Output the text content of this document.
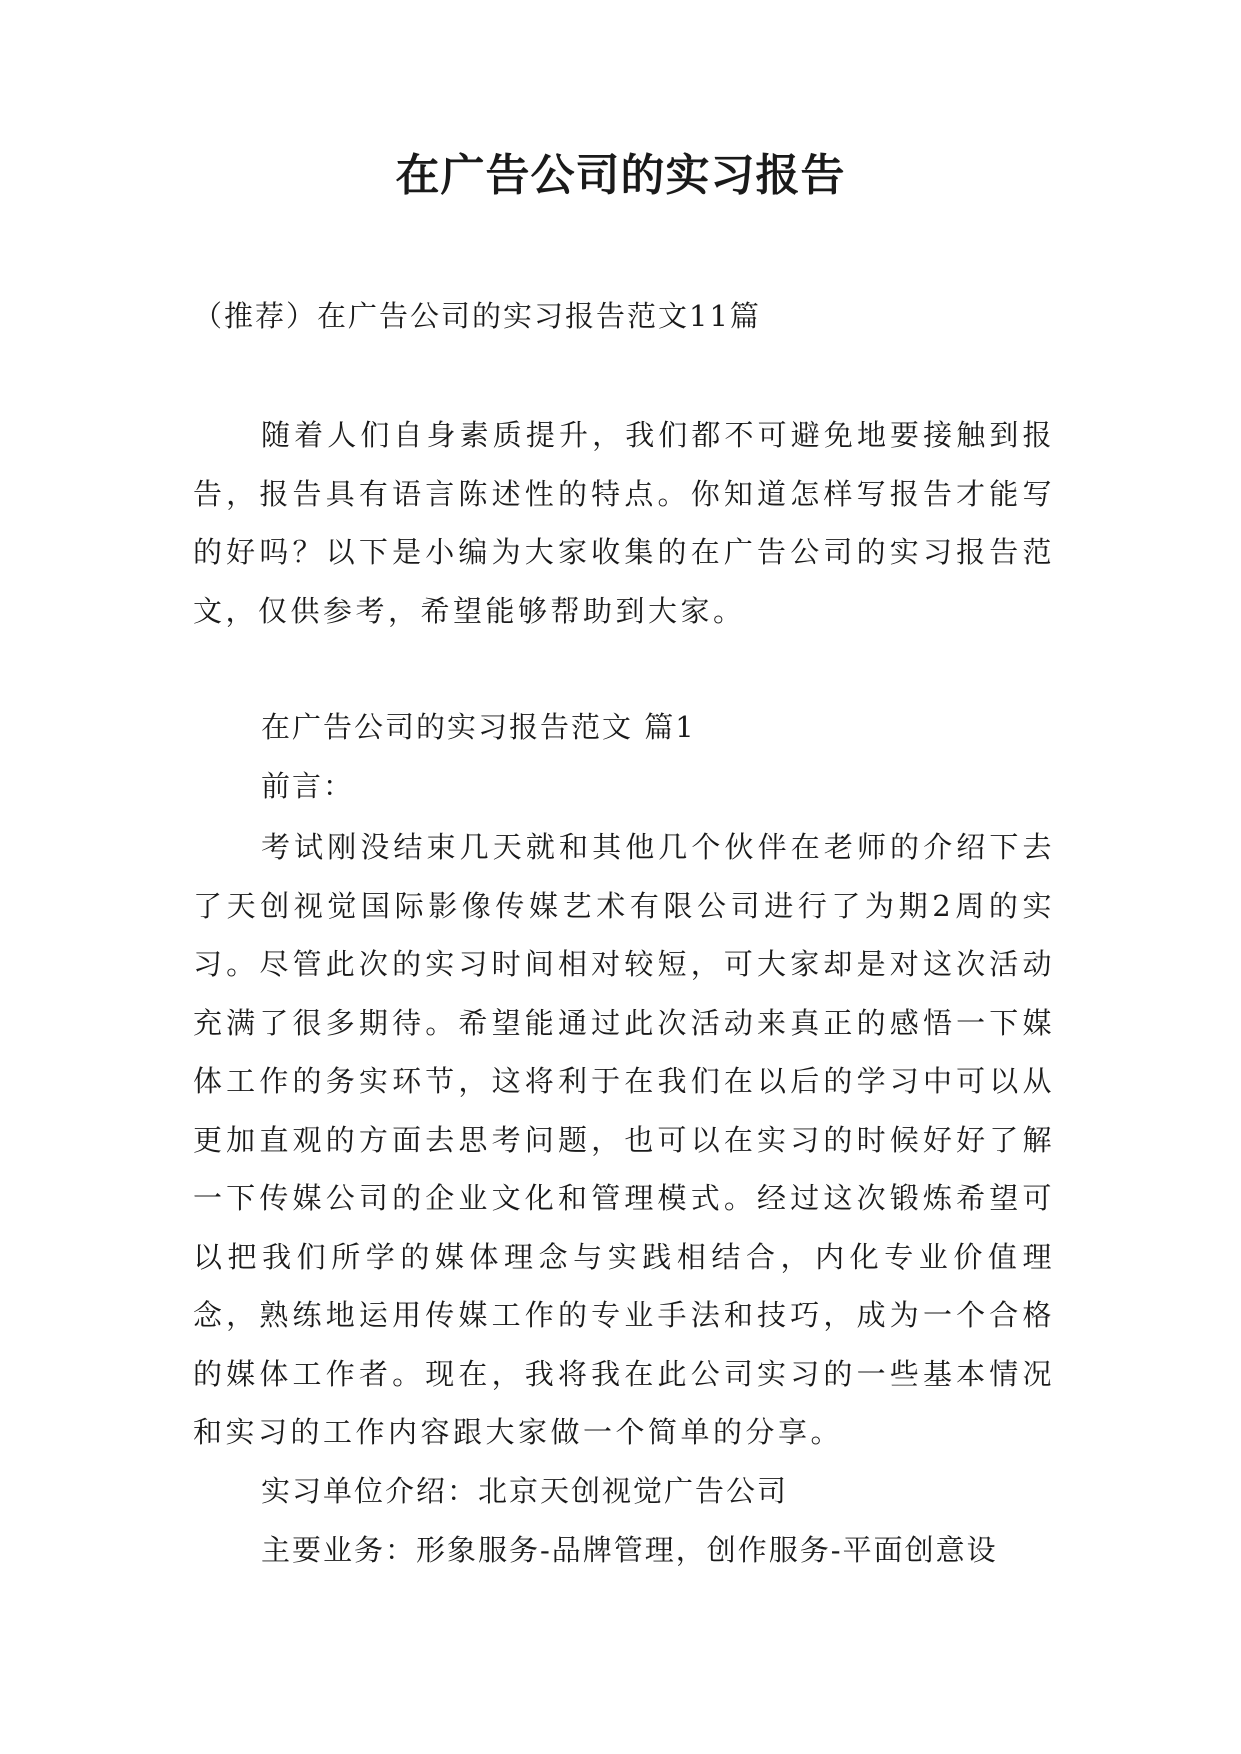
在广告公司的实习报告
（推荐）在广告公司的实习报告范文11篇

随着人们自身素质提升，我们都不可避免地要接触到报告，报告具有语言陈述性的特点。你知道怎样写报告才能写的好吗？以下是小编为大家收集的在广告公司的实习报告范文，仅供参考，希望能够帮助到大家。

在广告公司的实习报告范文 篇1
前言：

考试刚没结束几天就和其他几个伙伴在老师的介绍下去了天创视觉国际影像传媒艺术有限公司进行了为期2周的实习。尽管此次的实习时间相对较短，可大家却是对这次活动充满了很多期待。希望能通过此次活动来真正的感悟一下媒体工作的务实环节，这将利于在我们在以后的学习中可以从更加直观的方面去思考问题，也可以在实习的时候好好了解一下传媒公司的企业文化和管理模式。经过这次锻炼希望可以把我们所学的媒体理念与实践相结合，内化专业价值理念，熟练地运用传媒工作的专业手法和技巧，成为一个合格的媒体工作者。现在，我将我在此公司实习的一些基本情况和实习的工作内容跟大家做一个简单的分享。

实习单位介绍：北京天创视觉广告公司
主要业务：形象服务-品牌管理，创作服务-平面创意设
